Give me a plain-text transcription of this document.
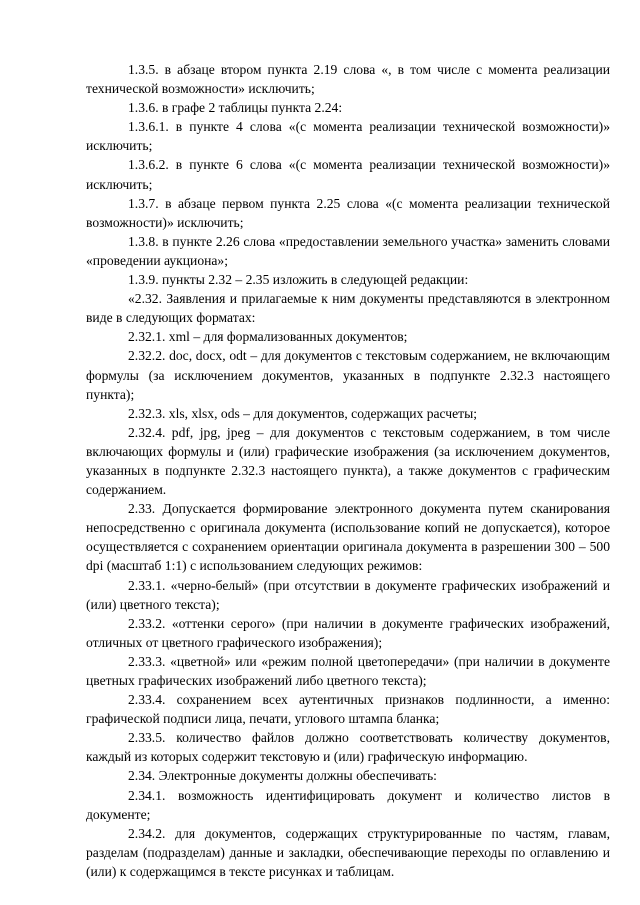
1.3.5. в абзаце втором пункта 2.19 слова «, в том числе с момента реализации технической возможности» исключить;

1.3.6. в графе 2 таблицы пункта 2.24:

1.3.6.1. в пункте 4 слова «(с момента реализации технической возможности)» исключить;

1.3.6.2. в пункте 6 слова «(с момента реализации технической возможности)» исключить;

1.3.7. в абзаце первом пункта 2.25 слова «(с момента реализации технической возможности)» исключить;

1.3.8. в пункте 2.26 слова «предоставлении земельного участка» заменить словами «проведении аукциона»;

1.3.9. пункты 2.32 – 2.35 изложить в следующей редакции:

«2.32. Заявления и прилагаемые к ним документы представляются в электронном виде в следующих форматах:

2.32.1. xml – для формализованных документов;

2.32.2. doc, docx, odt – для документов с текстовым содержанием, не включающим формулы (за исключением документов, указанных в подпункте 2.32.3 настоящего пункта);

2.32.3. xls, xlsx, ods – для документов, содержащих расчеты;

2.32.4. pdf, jpg, jpeg – для документов с текстовым содержанием, в том числе включающих формулы и (или) графические изображения (за исключением документов, указанных в подпункте 2.32.3 настоящего пункта), а также документов с графическим содержанием.

2.33. Допускается формирование электронного документа путем сканирования непосредственно с оригинала документа (использование копий не допускается), которое осуществляется с сохранением ориентации оригинала документа в разрешении 300 – 500 dpi (масштаб 1:1) с использованием следующих режимов:

2.33.1. «черно-белый» (при отсутствии в документе графических изображений и (или) цветного текста);

2.33.2. «оттенки серого» (при наличии в документе графических изображений, отличных от цветного графического изображения);

2.33.3. «цветной» или «режим полной цветопередачи» (при наличии в документе цветных графических изображений либо цветного текста);

2.33.4. сохранением всех аутентичных признаков подлинности, а именно: графической подписи лица, печати, углового штампа бланка;

2.33.5. количество файлов должно соответствовать количеству документов, каждый из которых содержит текстовую и (или) графическую информацию.

2.34. Электронные документы должны обеспечивать:

2.34.1. возможность идентифицировать документ и количество листов в документе;

2.34.2. для документов, содержащих структурированные по частям, главам, разделам (подразделам) данные и закладки, обеспечивающие переходы по оглавлению и (или) к содержащимся в тексте рисунках и таблицам.
